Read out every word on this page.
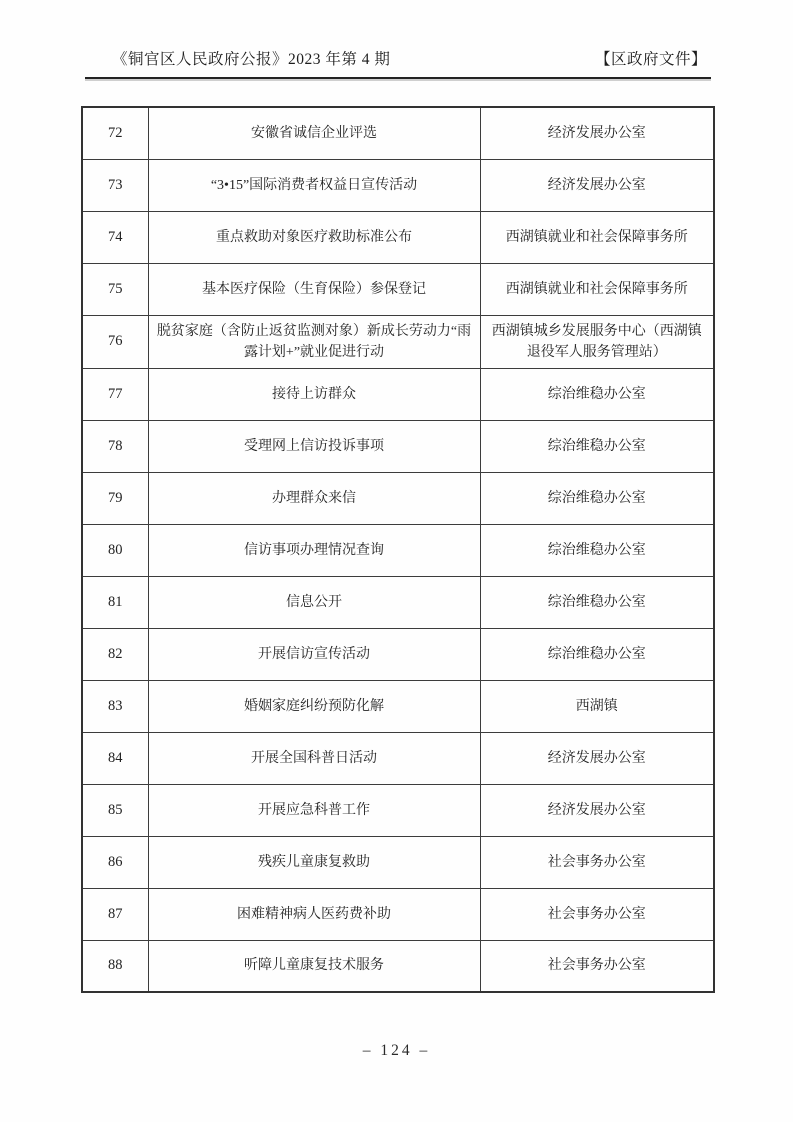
《铜官区人民政府公报》2023 年第 4 期	【区政府文件】
72	安徽省诚信企业评选	经济发展办公室
73	“3•15”国际消费者权益日宣传活动	经济发展办公室
74	重点救助对象医疗救助标准公布	西湖镇就业和社会保障事务所
75	基本医疗保险（生育保险）参保登记	西湖镇就业和社会保障事务所
76	脱贫家庭（含防止返贫监测对象）新成长劳动力“雨露计划+”就业促进行动	西湖镇城乡发展服务中心（西湖镇退役军人服务管理站）
77	接待上访群众	综治维稳办公室
78	受理网上信访投诉事项	综治维稳办公室
79	办理群众来信	综治维稳办公室
80	信访事项办理情况查询	综治维稳办公室
81	信息公开	综治维稳办公室
82	开展信访宣传活动	综治维稳办公室
83	婚姻家庭纠纷预防化解	西湖镇
84	开展全国科普日活动	经济发展办公室
85	开展应急科普工作	经济发展办公室
86	残疾儿童康复救助	社会事务办公室
87	困难精神病人医药费补助	社会事务办公室
88	听障儿童康复技术服务	社会事务办公室
– 124 –
